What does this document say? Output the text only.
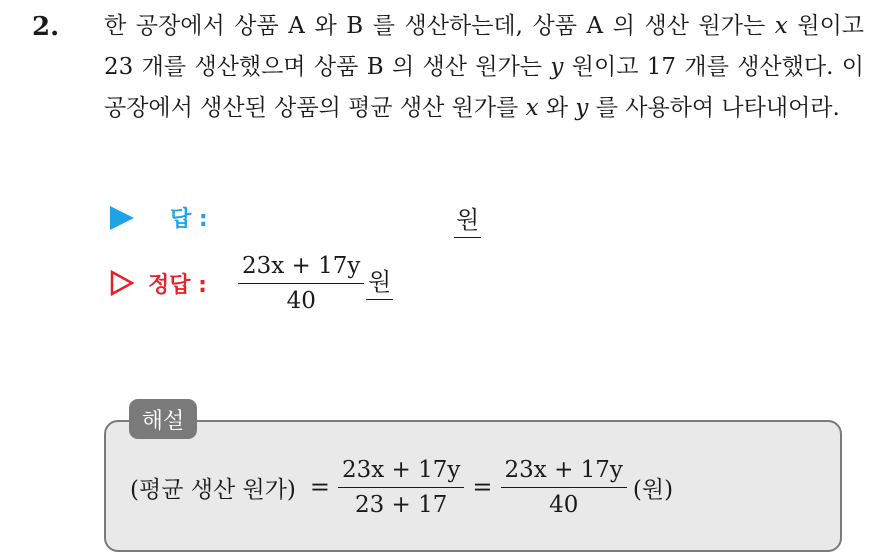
2. 한 공장에서 상품 A 와 B 를 생산하는데, 상품 A 의 생산 원가는 x 원이고 23 개를 생산했으며 상품 B 의 생산 원가는 y 원이고 17 개를 생산했다. 이 공장에서 생산된 상품의 평균 생산 원가를 x 와 y 를 사용하여 나타내어라.
답 :	원
정답 :
23x + 17y
40
원
해설
(평균 생산 원가) = $\frac{23x + 17y}{23 + 17} = \frac{23x + 17y}{40}$ (원)
